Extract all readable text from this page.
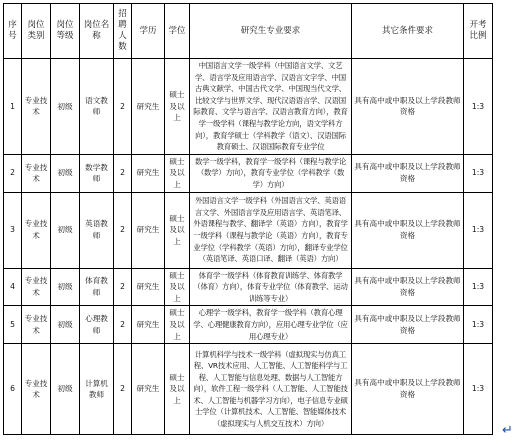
序号	岗位类别	岗位等级	岗位名称	招聘人数	学历	学位	研究生专业要求	其它条件要求	开考比例
1	专业技术	初级	语文教师	2	研究生	硕士及以上	中国语言文学一级学科（中国语言文学、文艺学、语言学及应用语言学、汉语言文字学、中国古典文献学、中国古代文学、中国现当代文学、比较文学与世界文学、现代汉语语言学、汉语国际教育、文学与语言学、汉语言教育方向），教育学一级学科（课程与教学论方向，语文学科方向），教育学硕士（学科教学（语文）、汉语国际教育硕士、汉语国际教育专业学位	具有高中或中职及以上学段教师资格	1:3
2	专业技术	初级	数学教师	2	研究生	硕士及以上	数学一级学科，教育学一级学科（课程与教学论（数学）方向），教育专业学位（学科教学（数学）方向）	具有高中或中职及以上学段教师资格	1:3
3	专业技术	初级	英语教师	2	研究生	硕士及以上	外国语言文学一级学科（外国语言文学、英语语言文学、外国语言学及应用语言学、英语笔译、外语课程与教学、翻译学（英语）方向），教育学一级学科（课程与教学论（英语）方向），教育专业学位（学科教学（英语）方向），翻译专业学位（英语笔译、英语口译、翻译（英语）方向）	具有高中或中职及以上学段教师资格	1:3
4	专业技术	初级	体育教师	2	研究生	硕士及以上	体育学一级学科（体育教育训练学、体育教学（体育）方向），体育专业学位（体育教学、运动训练等专业）	具有高中或中职及以上学段教师资格	1:3
5	专业技术	初级	心理教师	2	研究生	硕士及以上	心理学一级学科，教育学一级学科（教育心理学、心理健康教育方向），应用心理专业学位（应用心理专业）	具有高中或中职及以上学段教师资格	1:3
6	专业技术	初级	计算机教师	2	研究生	硕士及以上	计算机科学与技术一级学科（虚拟现实与仿真工程、VR技术应用、人工智能、人工智能科学与工程、人工智能与信息处理、数据与人工智能方向），软件工程一级学科（人工智能、人工智能技术、人工智能与机器学习方向），电子信息专业硕士学位（计算机技术、人工智能、智能媒体技术（虚拟现实与人机交互技术）方向）	具有高中或中职及以上学段教师资格	1:3
↵
